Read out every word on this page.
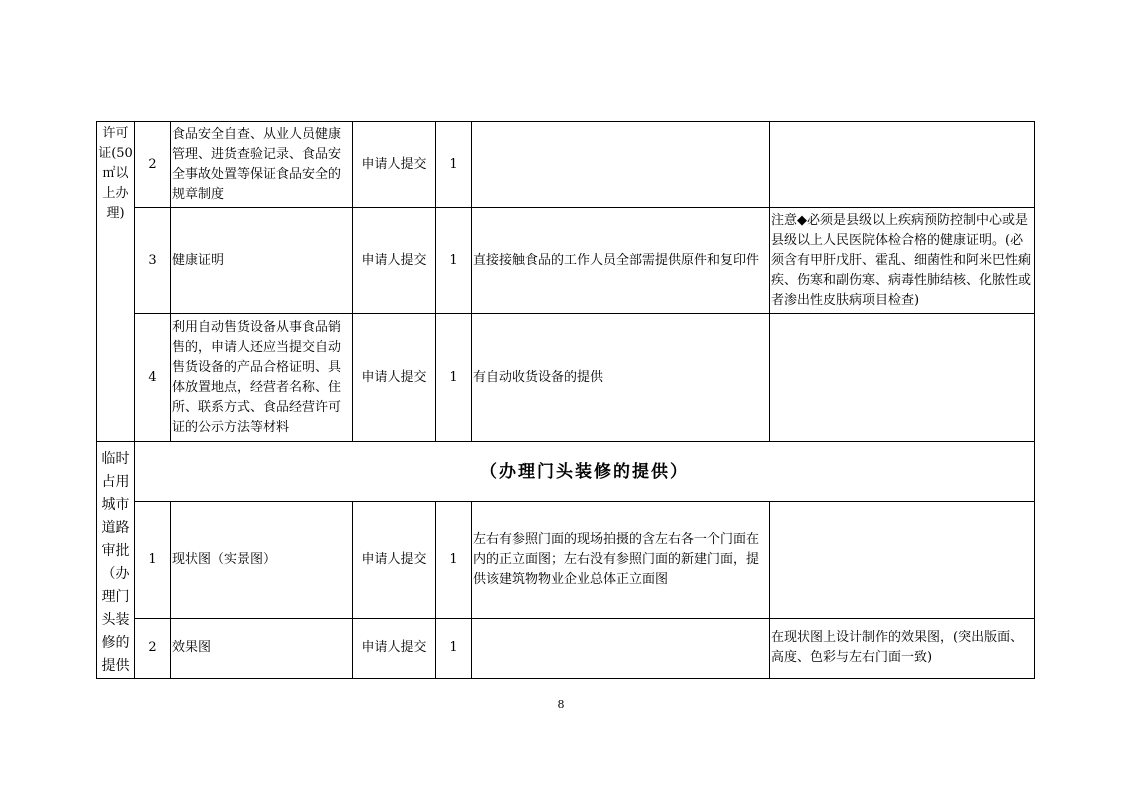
许可证(50㎡以上办理)	2	食品安全自查、从业人员健康管理、进货查验记录、食品安全事故处置等保证食品安全的规章制度	申请人提交	1		
	3	健康证明	申请人提交	1	直接接触食品的工作人员全部需提供原件和复印件	注意◆必须是县级以上疾病预防控制中心或是县级以上人民医院体检合格的健康证明。(必须含有甲肝戊肝、霍乱、细菌性和阿米巴性痢疾、伤寒和副伤寒、病毒性肺结核、化脓性或者渗出性皮肤病项目检查)
	4	利用自动售货设备从事食品销售的，申请人还应当提交自动售货设备的产品合格证明、具体放置地点，经营者名称、住所、联系方式、食品经营许可证的公示方法等材料	申请人提交	1	有自动收货设备的提供	
临时占用城市道路审批（办理门头装修的提供	（办理门头装修的提供）					
	1	现状图（实景图）	申请人提交	1	左右有参照门面的现场拍摄的含左右各一个门面在内的正立面图；左右没有参照门面的新建门面，提供该建筑物物业企业总体正立面图	
	2	效果图	申请人提交	1		在现状图上设计制作的效果图，(突出版面、高度、色彩与左右门面一致)
8
